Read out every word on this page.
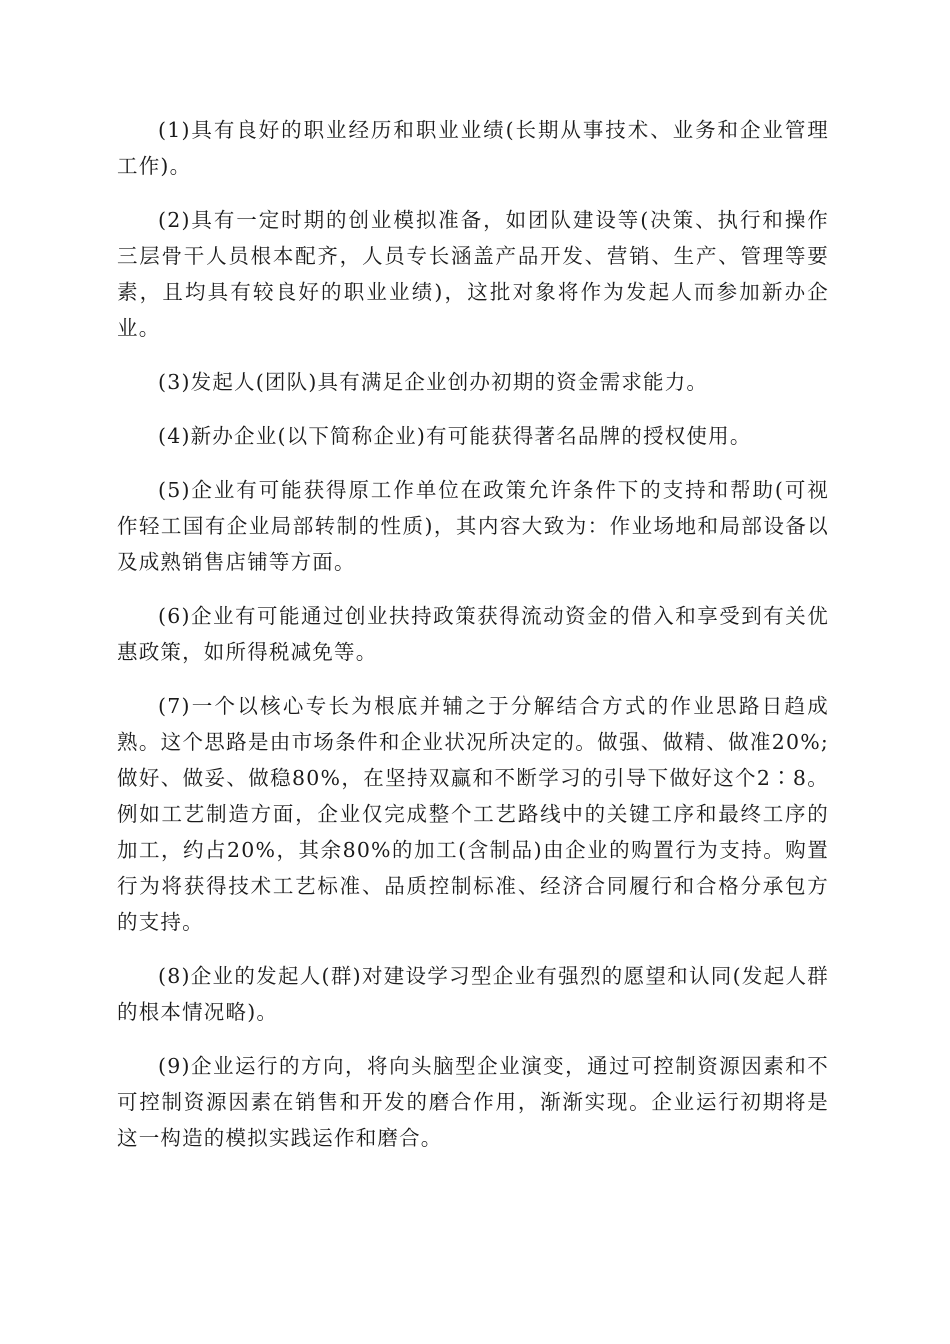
(1)具有良好的职业经历和职业业绩(长期从事技术、业务和企业管理工作)。

(2)具有一定时期的创业模拟准备，如团队建设等(决策、执行和操作三层骨干人员根本配齐，人员专长涵盖产品开发、营销、生产、管理等要素，且均具有较良好的职业业绩)，这批对象将作为发起人而参加新办企业。

(3)发起人(团队)具有满足企业创办初期的资金需求能力。

(4)新办企业(以下简称企业)有可能获得著名品牌的授权使用。

(5)企业有可能获得原工作单位在政策允许条件下的支持和帮助(可视作轻工国有企业局部转制的性质)，其内容大致为：作业场地和局部设备以及成熟销售店铺等方面。

(6)企业有可能通过创业扶持政策获得流动资金的借入和享受到有关优惠政策，如所得税减免等。

(7)一个以核心专长为根底并辅之于分解结合方式的作业思路日趋成熟。这个思路是由市场条件和企业状况所决定的。做强、做精、做准20%;做好、做妥、做稳80%，在坚持双赢和不断学习的引导下做好这个2∶8。例如工艺制造方面，企业仅完成整个工艺路线中的关键工序和最终工序的加工，约占20%，其余80%的加工(含制品)由企业的购置行为支持。购置行为将获得技术工艺标准、品质控制标准、经济合同履行和合格分承包方的支持。

(8)企业的发起人(群)对建设学习型企业有强烈的愿望和认同(发起人群的根本情况略)。

(9)企业运行的方向，将向头脑型企业演变，通过可控制资源因素和不可控制资源因素在销售和开发的磨合作用，渐渐实现。企业运行初期将是这一构造的模拟实践运作和磨合。
